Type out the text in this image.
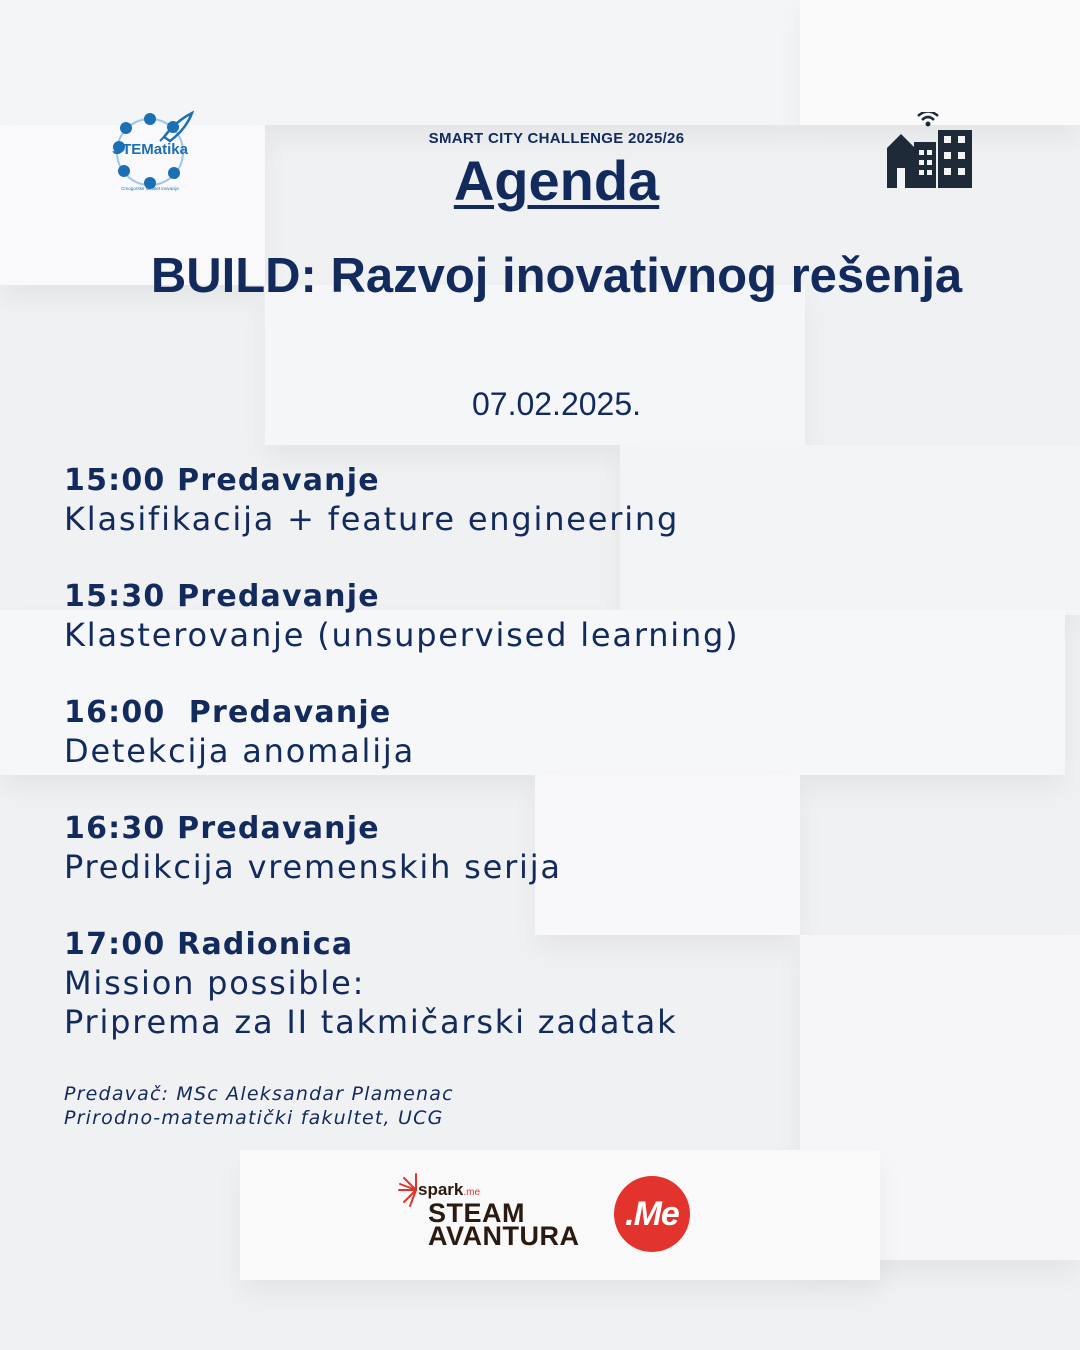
STEMatika
Crnogorske fakultet inovacije
SMART CITY CHALLENGE 2025/26
Agenda
BUILD: Razvoj inovativnog rešenja
07.02.2025.
15:00 Predavanje
Klasifikacija + feature engineering
15:30 Predavanje
Klasterovanje (unsupervised learning)
16:00  Predavanje
Detekcija anomalija
16:30 Predavanje
Predikcija vremenskih serija
17:00 Radionica
Mission possible:
Priprema za II takmičarski zadatak
Predavač: MSc Aleksandar Plamenac
Prirodno-matematički fakultet, UCG
spark.me
STEAM
AVANTURA
.Me
